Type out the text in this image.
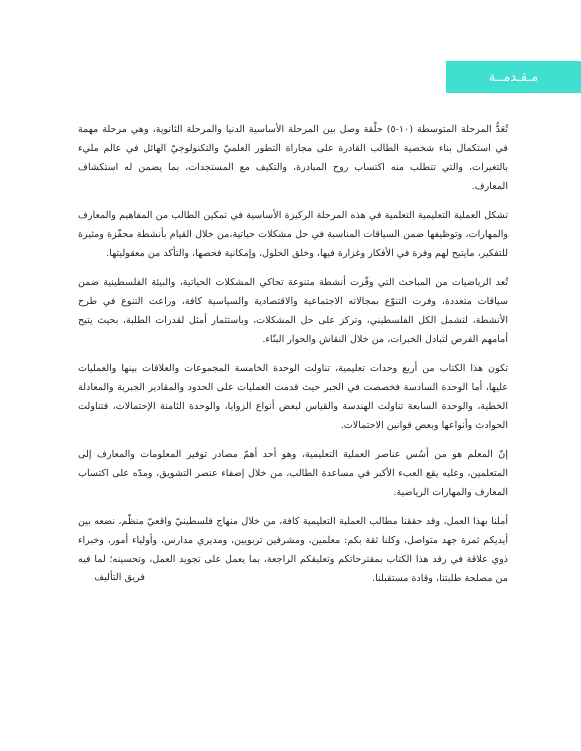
مـقـدمــة

تُعَدُّ المرحلة المتوسطة (١٠-٥) حلْقة وصل بين المرحلة الأساسية الدنيا والمرحلة الثانوية، وهي مرحلة مهمة في استكمال بناء شخصية الطالب القادرة على مجاراة التطور العلميّ والتكنولوجيّ الهائل في عالم مليء بالتغيرات، والتي تتطلب منه اكتساب روح المبادرة، والتكيف مع المستجدات، بما يضمن له استكشاف المعارف.

تشكل العملية التعليمية التعلمية في هذه المرحلة الركيزة الأساسية في تمكين الطالب من المفاهيم والمعارف والمهارات، وتوظيفها ضمن السياقات المناسبة في حل مشكلات حياتية،من خلال القيام بأنشطة محفّزة ومثيرة للتفكير، مايتيح لهم وفرة في الأفكار وغزارة فيها، وخلق الحلول، وإمكانية فحصها، والتأكد من معقوليتها.

تُعد الرياضيات من المباحث التي وفّرت أنشطة متنوعة تحاكي المشكلات الحياتية، والبيئة الفلسطينية ضمن سياقات متعددة، وفرت التنوّع بمجالاته الاجتماعية والاقتصادية والسياسية كافة، وراعت التنوع في طرح الأنشطة، لتشمل الكل الفلسطيني، وتركز على حل المشكلات، وباستثمار أمثل لقدرات الطلبة، بحيث يتيح أمامهم الفرص لتبادل الخبرات، من خلال النقاش والحوار البنّاء.

تكون هذا الكتاب من أربع وحدات تعليمية، تناولت الوحدة الخامسة المجموعات والعلاقات بينها والعمليات عليها، أما الوحدة السادسة فخصصت في الجبر حيث قدمت العمليات على الحدود والمقادير الجبرية والمعادلة الخطية، والوحدة السابعة تناولت الهندسة والقياس لبعض أنواع الزوايا، والوحدة الثامنة الإحتمالات، فتناولت الحوادث وأنواعها وبعض قوانين الاحتمالات.

إنّ المعلم هو من أسُس عناصر العملية التعليمية، وهو أحد أهمّ مصادر توفير المعلومات والمعارف إلى المتعلمين، وعليه يقع العبء الأكبر في مساعدة الطالب، من خلال إضفاء عنصر التشويق، ومدّه على اكتساب المعارف والمهارات الرياضية.

أملنا بهذا العمل، وقد حققنا مطالب العملية التعليمية كافة، من خلال منهاج فلسطينيّ واقعيّ منظّم، نضعه بين أيديكم ثمرة جهد متواصل، وكلنا ثقة بكم: معلمين، ومشرفين تربويين، ومديري مدارس، وأولياء أمور، وخبراء ذوي علاقة في رفد هذا الكتاب بمقترحاتكم وتعليقكم الراجعة، بما يعمل على تجويد العمل، وتحسينه؛ لما فيه من مصلحة طلبتنا، وقادة مستقبلنا.

فريق التأليف
